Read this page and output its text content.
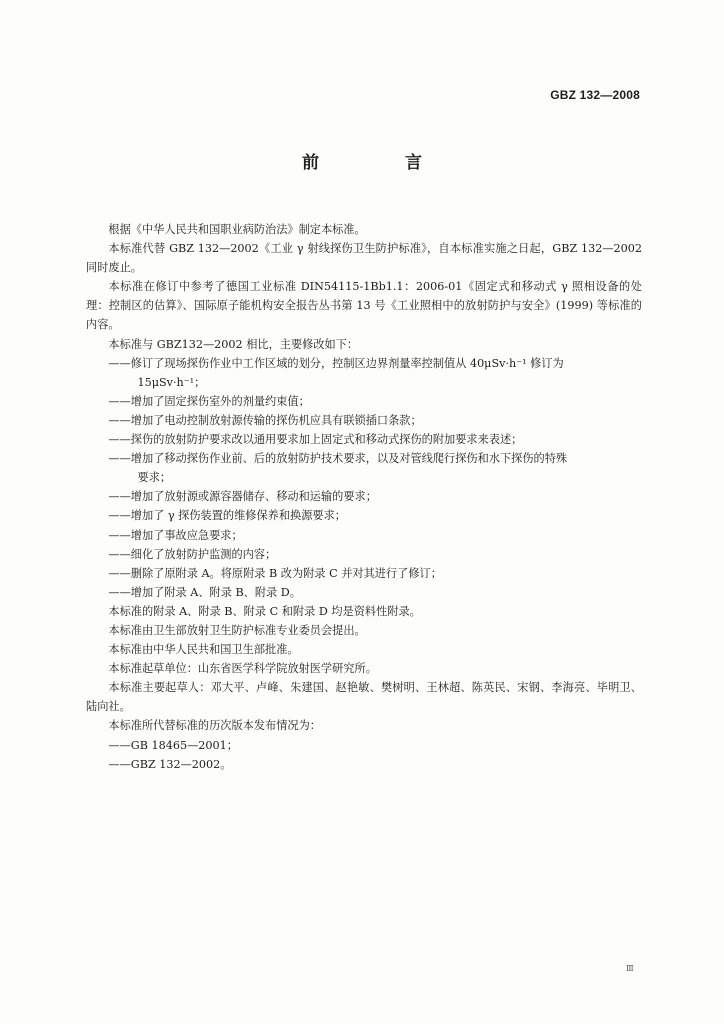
GBZ 132—2008
前 言

根据《中华人民共和国职业病防治法》制定本标准。

本标准代替 GBZ 132—2002《工业 γ 射线探伤卫生防护标准》，自本标准实施之日起，GBZ 132—2002 同时废止。

本标准在修订中参考了德国工业标准 DIN54115-1Bb1.1：2006-01《固定式和移动式 γ 照相设备的处理：控制区的估算》、国际原子能机构安全报告丛书第 13 号《工业照相中的放射防护与安全》(1999) 等标准的内容。

本标准与 GBZ132—2002 相比，主要修改如下：

——修订了现场探伤作业中工作区域的划分，控制区边界剂量率控制值从 40μSv·h⁻¹ 修订为
15μSv·h⁻¹；

——增加了固定探伤室外的剂量约束值；

——增加了电动控制放射源传输的探伤机应具有联锁插口条款；

——探伤的放射防护要求改以通用要求加上固定式和移动式探伤的附加要求来表述；

——增加了移动探伤作业前、后的放射防护技术要求，以及对管线爬行探伤和水下探伤的特殊
要求；

——增加了放射源或源容器储存、移动和运输的要求；

——增加了 γ 探伤装置的维修保养和换源要求；

——增加了事故应急要求；

——细化了放射防护监测的内容；

——删除了原附录 A。将原附录 B 改为附录 C 并对其进行了修订；

——增加了附录 A、附录 B、附录 D。

本标准的附录 A、附录 B、附录 C 和附录 D 均是资料性附录。

本标准由卫生部放射卫生防护标准专业委员会提出。

本标准由中华人民共和国卫生部批准。

本标准起草单位：山东省医学科学院放射医学研究所。

本标准主要起草人：邓大平、卢峰、朱建国、赵艳敏、樊树明、王林超、陈英民、宋钢、李海亮、毕明卫、陆向社。

本标准所代替标准的历次版本发布情况为：

——GB 18465—2001；

——GBZ 132—2002。

Ⅲ
